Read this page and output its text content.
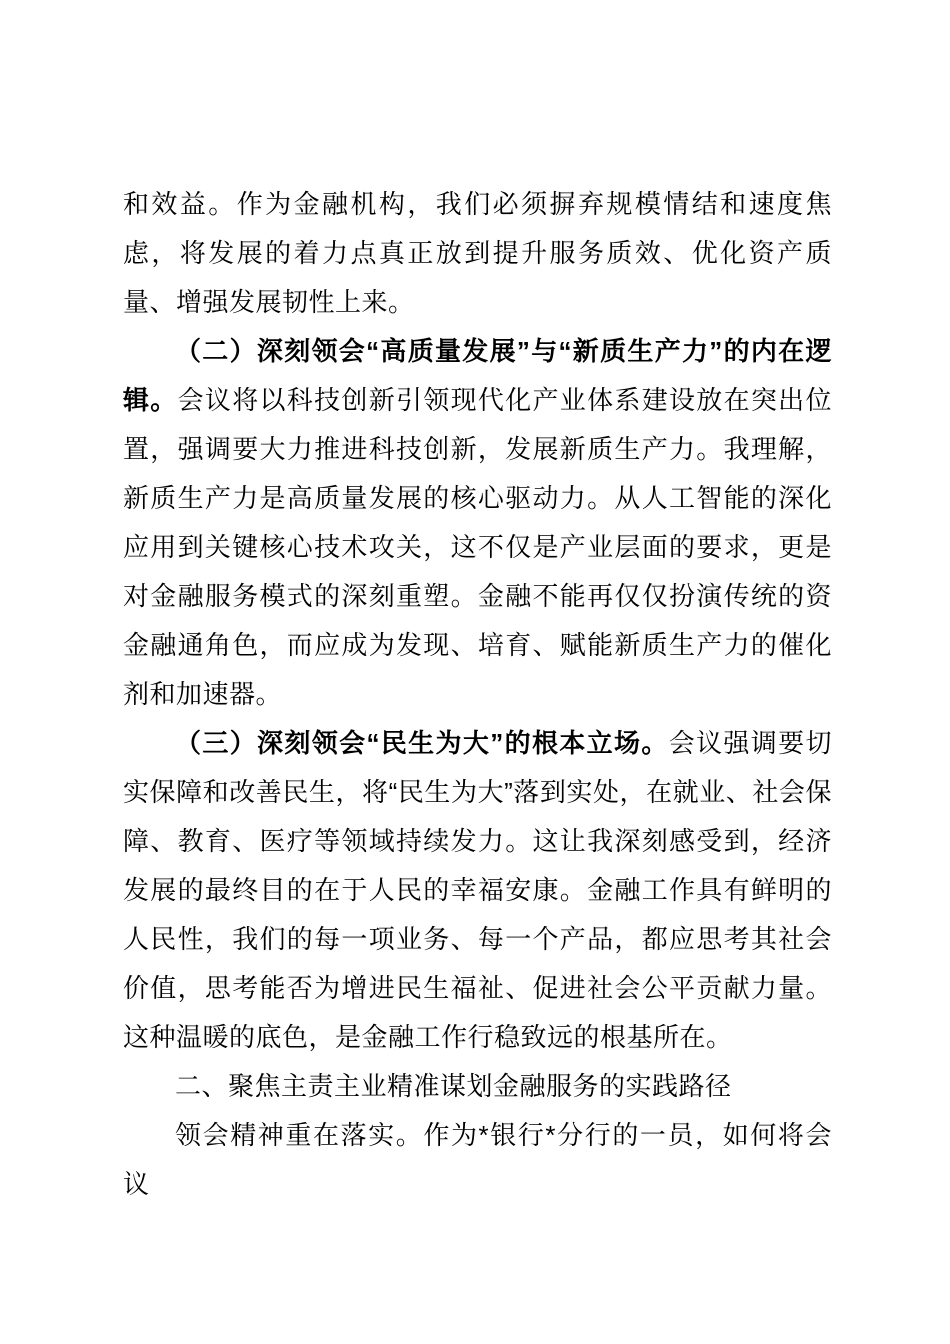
和效益。作为金融机构，我们必须摒弃规模情结和速度焦虑，将发展的着力点真正放到提升服务质效、优化资产质量、增强发展韧性上来。

（二）深刻领会“高质量发展”与“新质生产力”的内在逻辑。会议将以科技创新引领现代化产业体系建设放在突出位置，强调要大力推进科技创新，发展新质生产力。我理解，新质生产力是高质量发展的核心驱动力。从人工智能的深化应用到关键核心技术攻关，这不仅是产业层面的要求，更是对金融服务模式的深刻重塑。金融不能再仅仅扮演传统的资金融通角色，而应成为发现、培育、赋能新质生产力的催化剂和加速器。

（三）深刻领会“民生为大”的根本立场。会议强调要切实保障和改善民生，将“民生为大”落到实处，在就业、社会保障、教育、医疗等领域持续发力。这让我深刻感受到，经济发展的最终目的在于人民的幸福安康。金融工作具有鲜明的人民性，我们的每一项业务、每一个产品，都应思考其社会价值，思考能否为增进民生福祉、促进社会公平贡献力量。这种温暖的底色，是金融工作行稳致远的根基所在。

二、聚焦主责主业精准谋划金融服务的实践路径

领会精神重在落实。作为*银行*分行的一员，如何将会议
